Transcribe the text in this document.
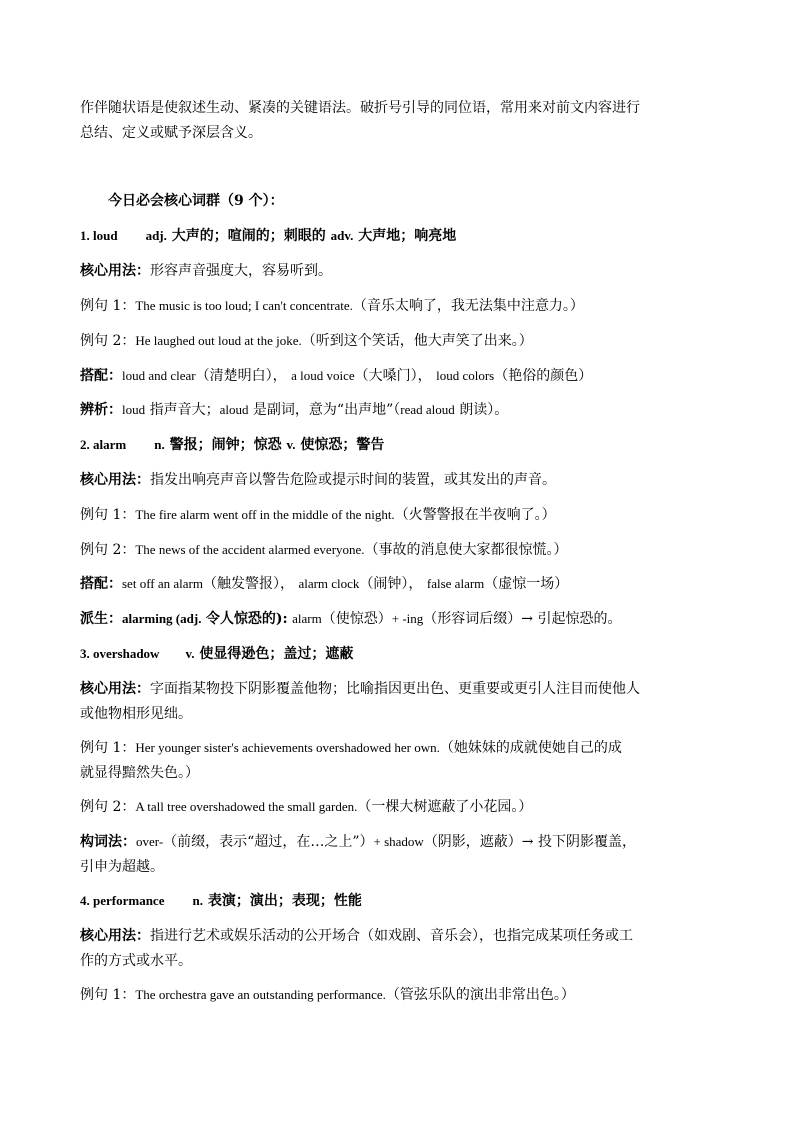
作伴随状语是使叙述生动、紧凑的关键语法。破折号引导的同位语，常用来对前文内容进行
总结、定义或赋予深层含义。
今日必会核心词群（9 个）：
1. loud adj. 大声的；喧闹的；刺眼的 adv. 大声地；响亮地
核心用法：形容声音强度大，容易听到。
例句 1：The music is too loud; I can't concentrate.（音乐太响了，我无法集中注意力。）
例句 2：He laughed out loud at the joke.（听到这个笑话，他大声笑了出来。）
搭配：loud and clear（清楚明白）， a loud voice（大嗓门）， loud colors（艳俗的颜色）
辨析：loud 指声音大；aloud 是副词，意为“出声地”（read aloud 朗读）。
2. alarm n. 警报；闹钟；惊恐 v. 使惊恐；警告
核心用法：指发出响亮声音以警告危险或提示时间的装置，或其发出的声音。
例句 1：The fire alarm went off in the middle of the night.（火警警报在半夜响了。）
例句 2：The news of the accident alarmed everyone.（事故的消息使大家都很惊慌。）
搭配：set off an alarm（触发警报）， alarm clock（闹钟）， false alarm（虚惊一场）
派生：alarming (adj. 令人惊恐的): alarm（使惊恐）+ -ing（形容词后缀）→ 引起惊恐的。
3. overshadow v. 使显得逊色；盖过；遮蔽
核心用法：字面指某物投下阴影覆盖他物；比喻指因更出色、更重要或更引人注目而使他人
或他物相形见绌。
例句 1：Her younger sister's achievements overshadowed her own.（她妹妹的成就使她自己的成
就显得黯然失色。）
例句 2：A tall tree overshadowed the small garden.（一棵大树遮蔽了小花园。）
构词法：over-（前缀，表示“超过，在…之上”）+ shadow（阴影，遮蔽）→ 投下阴影覆盖，
引申为超越。
4. performance n. 表演；演出；表现；性能
核心用法：指进行艺术或娱乐活动的公开场合（如戏剧、音乐会），也指完成某项任务或工
作的方式或水平。
例句 1：The orchestra gave an outstanding performance.（管弦乐队的演出非常出色。）
